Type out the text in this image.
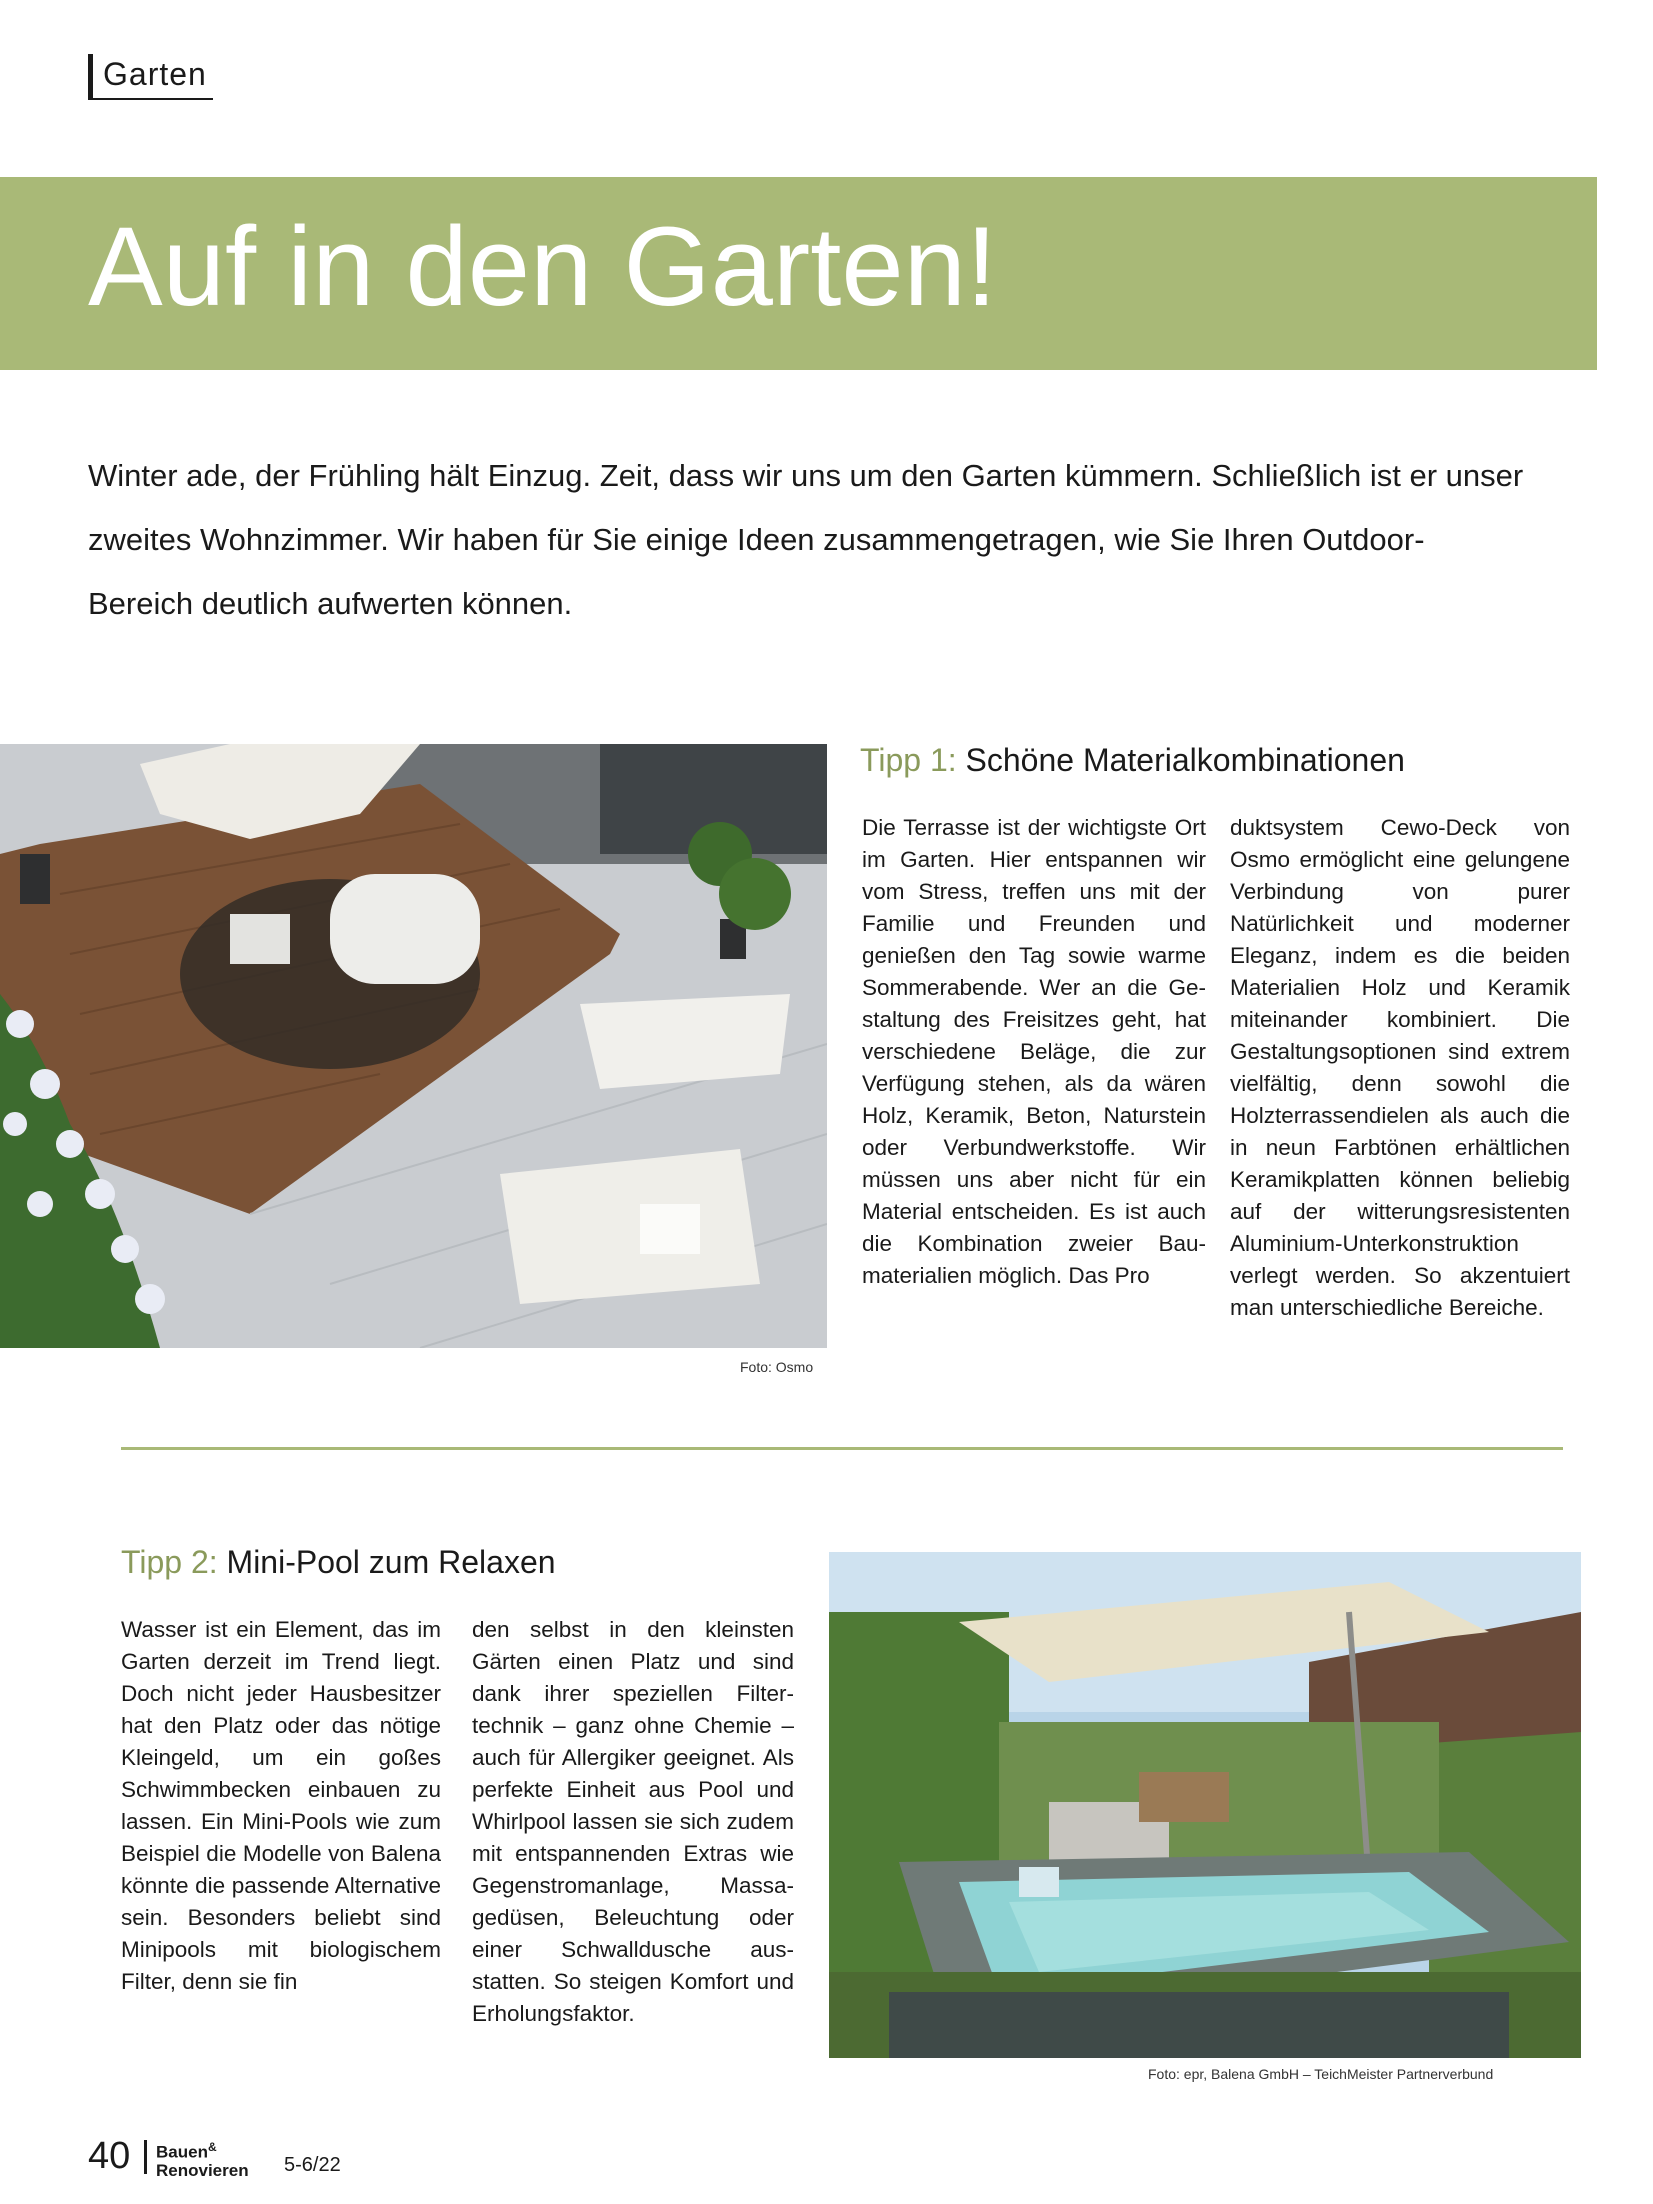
Garten
Auf in den Garten!

Winter ade, der Frühling hält Einzug. Zeit, dass wir uns um den Garten kümmern. Schließlich ist er unser zweites Wohnzimmer. Wir haben für Sie einige Ideen zusammengetragen, wie Sie Ihren Outdoor-Bereich deutlich aufwerten können.

Foto: Osmo
Tipp 1: Schöne Materialkombinationen

Die Terrasse ist der wichtigste Ort im Garten. Hier entspannen wir vom Stress, treffen uns mit der Familie und Freunden und genießen den Tag sowie warme Sommerabende. Wer an die Gestaltung des Freisitzes geht, hat verschiedene Beläge, die zur Verfügung stehen, als da wären Holz, Keramik, Beton, Naturstein oder Verbundwerkstoffe. Wir müssen uns aber nicht für ein Material entscheiden. Es ist auch die Kombination zweier Baumaterialien möglich. Das Pro

duktsystem Cewo-Deck von Osmo ermöglicht eine gelungene Verbindung von purer Natürlichkeit und moderner Eleganz, indem es die beiden Materialien Holz und Keramik miteinander kombiniert. Die Gestaltungsoptionen sind extrem vielfältig, denn sowohl die Holzterrassendielen als auch die in neun Farbtönen erhältlichen Keramikplatten können beliebig auf der witterungsresistenten Aluminium-Unterkonstruktion verlegt werden. So akzentuiert man unterschiedliche Bereiche.

Tipp 2: Mini-Pool zum Relaxen

Wasser ist ein Element, das im Garten derzeit im Trend liegt. Doch nicht jeder Hausbesitzer hat den Platz oder das nötige Kleingeld, um ein goßes Schwimmbecken einbauen zu lassen. Ein Mini-Pools wie zum Beispiel die Modelle von Balena könnte die passende Alternative sein. Besonders beliebt sind Minipools mit biologischem Filter, denn sie fin

den selbst in den kleinsten Gärten einen Platz und sind dank ihrer speziellen Filtertechnik – ganz ohne Chemie – auch für Allergiker geeignet. Als perfekte Einheit aus Pool und Whirlpool lassen sie sich zudem mit entspannenden Extras wie Gegenstromanlage, Massagedüsen, Beleuchtung oder einer Schwalldusche ausstatten. So steigen Komfort und Erholungsfaktor.

Foto: epr, Balena GmbH – TeichMeister Partnerverbund
40 Bauen&
Renovieren 5-6/22
